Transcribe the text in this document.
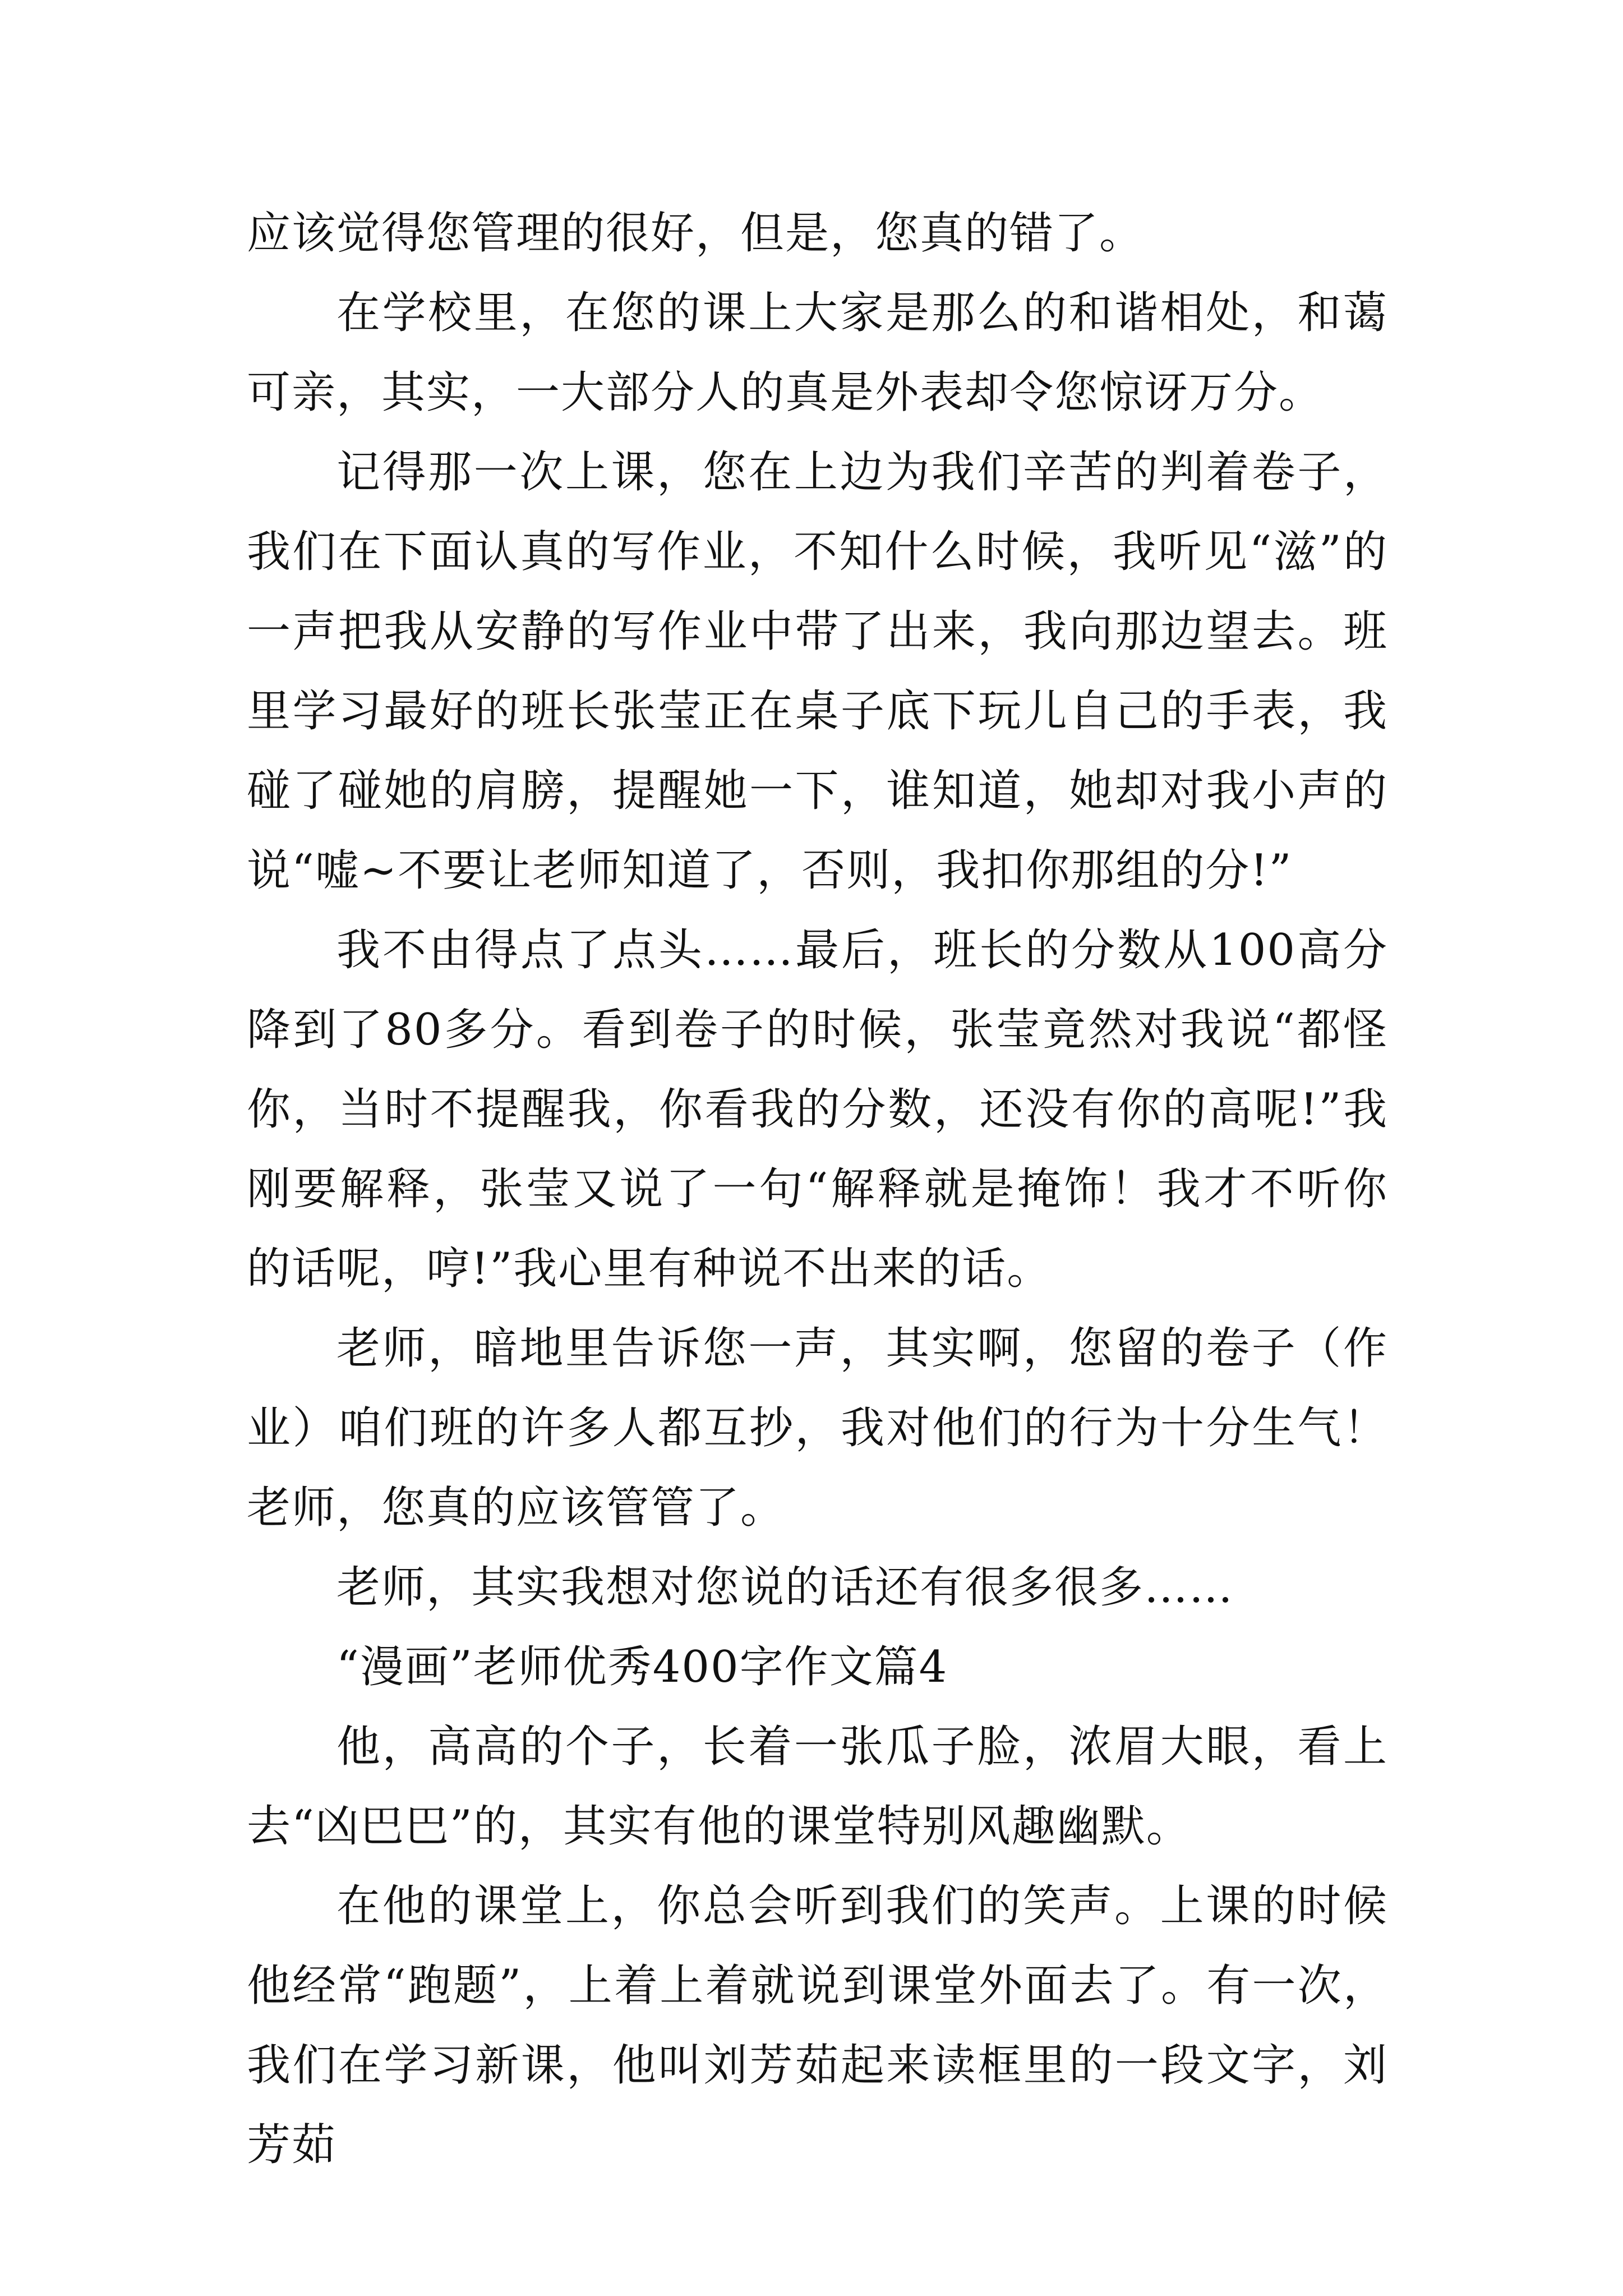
应该觉得您管理的很好，但是，您真的错了。

在学校里，在您的课上大家是那么的和谐相处，和蔼可亲，其实，一大部分人的真是外表却令您惊讶万分。

记得那一次上课，您在上边为我们辛苦的判着卷子，我们在下面认真的写作业，不知什么时候，我听见“滋”的一声把我从安静的写作业中带了出来，我向那边望去。班里学习最好的班长张莹正在桌子底下玩儿自己的手表，我碰了碰她的肩膀，提醒她一下，谁知道，她却对我小声的说“嘘~不要让老师知道了，否则，我扣你那组的分!”

我不由得点了点头……最后，班长的分数从100高分降到了80多分。看到卷子的时候，张莹竟然对我说“都怪你，当时不提醒我，你看我的分数，还没有你的高呢!”我刚要解释，张莹又说了一句“解释就是掩饰！我才不听你的话呢，哼!”我心里有种说不出来的话。

老师，暗地里告诉您一声，其实啊，您留的卷子（作业）咱们班的许多人都互抄，我对他们的行为十分生气！老师，您真的应该管管了。

老师，其实我想对您说的话还有很多很多……

“漫画”老师优秀400字作文篇4

他，高高的个子，长着一张瓜子脸，浓眉大眼，看上去“凶巴巴”的，其实有他的课堂特别风趣幽默。

在他的课堂上，你总会听到我们的笑声。上课的时候他经常“跑题”，上着上着就说到课堂外面去了。有一次，我们在学习新课，他叫刘芳茹起来读框里的一段文字，刘芳茹
